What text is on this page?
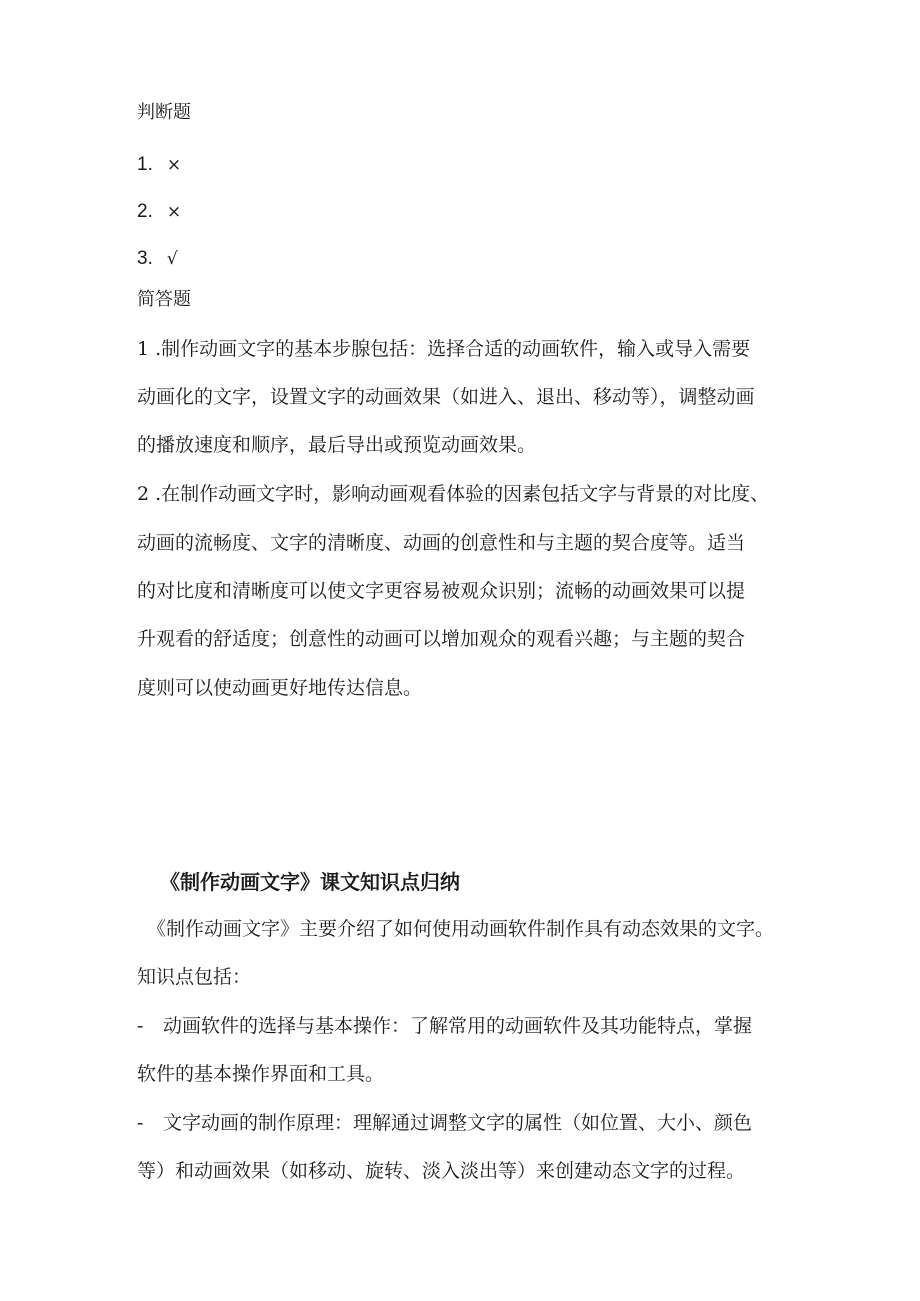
判断题

1. ×

2. ×

3. √

简答题

1 .制作动画文字的基本步腺包括：选择合适的动画软件，输入或导入需要

动画化的文字，设置文字的动画效果（如进入、退出、移动等），调整动画

的播放速度和顺序，最后导出或预览动画效果。

2 .在制作动画文字时，影响动画观看体验的因素包括文字与背景的对比度、

动画的流畅度、文字的清晰度、动画的创意性和与主题的契合度等。适当

的对比度和清晰度可以使文字更容易被观众识别；流畅的动画效果可以提

升观看的舒适度；创意性的动画可以增加观众的观看兴趣；与主题的契合

度则可以使动画更好地传达信息。

《制作动画文字》课文知识点归纳

《制作动画文字》主要介绍了如何使用动画软件制作具有动态效果的文字。

知识点包括：

- 动画软件的选择与基本操作：了解常用的动画软件及其功能特点，掌握

软件的基本操作界面和工具。

- 文字动画的制作原理：理解通过调整文字的属性（如位置、大小、颜色

等）和动画效果（如移动、旋转、淡入淡出等）来创建动态文字的过程。
